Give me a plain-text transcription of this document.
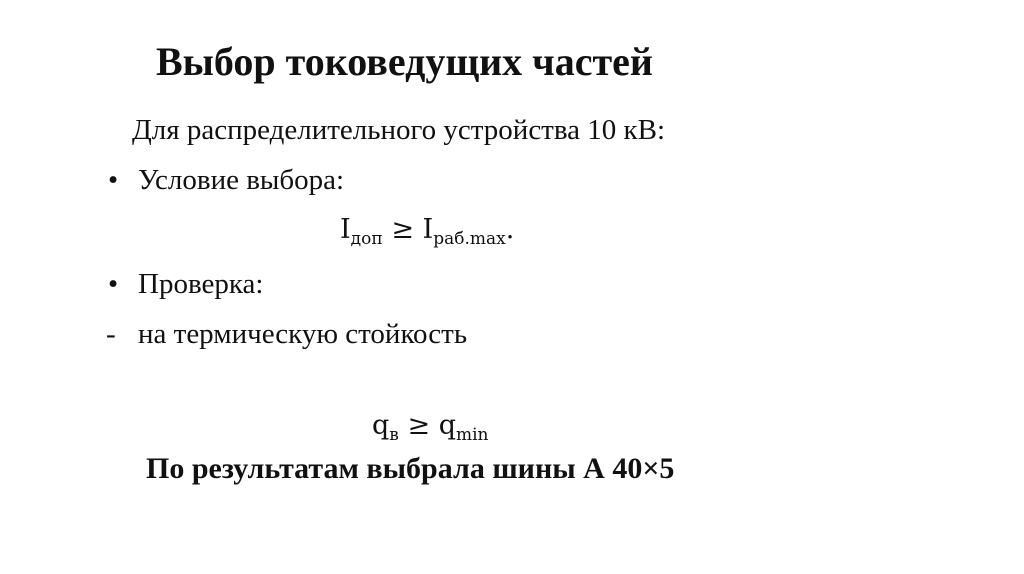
Выбор токоведущих частей
Для распределительного устройства 10 кВ:
• Условие выбора:
$I_{доп} \ge I_{раб.max}$.
• Проверка:
- на термическую стойкость
$q_в \ge q_{min}$
По результатам выбрала шины А 40×5
